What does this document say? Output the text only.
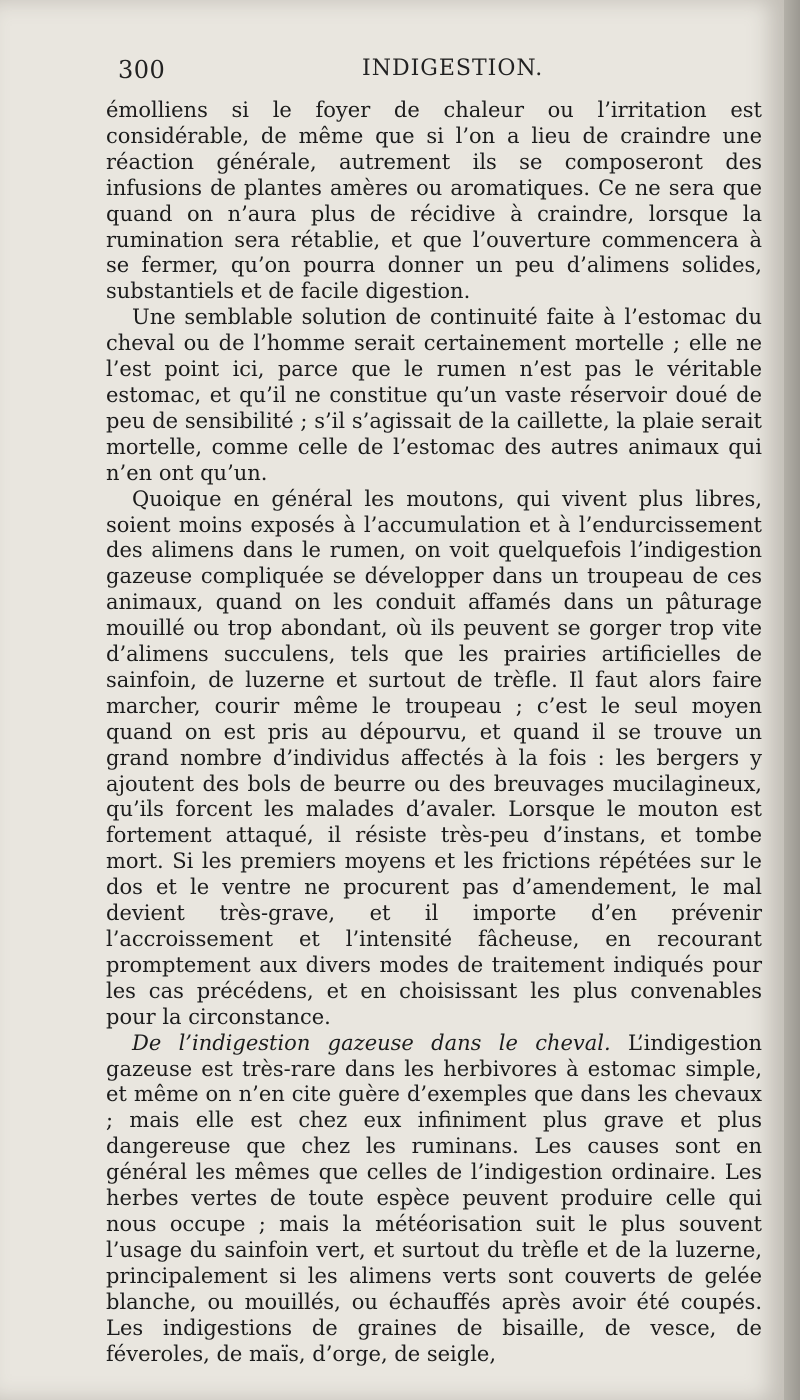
300	INDIGESTION.

émolliens si le foyer de chaleur ou l’irritation est considérable, de même que si l’on a lieu de craindre une réaction générale, autrement ils se composeront des infusions de plantes amères ou aromatiques. Ce ne sera que quand on n’aura plus de récidive à craindre, lorsque la rumination sera rétablie, et que l’ouverture commencera à se fermer, qu’on pourra donner un peu d’alimens solides, substantiels et de facile digestion.

Une semblable solution de continuité faite à l’estomac du cheval ou de l’homme serait certainement mortelle ; elle ne l’est point ici, parce que le rumen n’est pas le véritable estomac, et qu’il ne constitue qu’un vaste réservoir doué de peu de sensibilité ; s’il s’agissait de la caillette, la plaie serait mortelle, comme celle de l’estomac des autres animaux qui n’en ont qu’un.

Quoique en général les moutons, qui vivent plus libres, soient moins exposés à l’accumulation et à l’endurcissement des alimens dans le rumen, on voit quelquefois l’indigestion gazeuse compliquée se développer dans un troupeau de ces animaux, quand on les conduit affamés dans un pâturage mouillé ou trop abondant, où ils peuvent se gorger trop vite d’alimens succulens, tels que les prairies artificielles de sainfoin, de luzerne et surtout de trèfle. Il faut alors faire marcher, courir même le troupeau ; c’est le seul moyen quand on est pris au dépourvu, et quand il se trouve un grand nombre d’individus affectés à la fois : les bergers y ajoutent des bols de beurre ou des breuvages mucilagineux, qu’ils forcent les malades d’avaler. Lorsque le mouton est fortement attaqué, il résiste très-peu d’instans, et tombe mort. Si les premiers moyens et les frictions répétées sur le dos et le ventre ne procurent pas d’amendement, le mal devient très-grave, et il importe d’en prévenir l’accroissement et l’intensité fâcheuse, en recourant promptement aux divers modes de traitement indiqués pour les cas précédens, et en choisissant les plus convenables pour la circonstance.

De l’indigestion gazeuse dans le cheval. L’indigestion gazeuse est très-rare dans les herbivores à estomac simple, et même on n’en cite guère d’exemples que dans les chevaux ; mais elle est chez eux infiniment plus grave et plus dangereuse que chez les ruminans. Les causes sont en général les mêmes que celles de l’indigestion ordinaire. Les herbes vertes de toute espèce peuvent produire celle qui nous occupe ; mais la météorisation suit le plus souvent l’usage du sainfoin vert, et surtout du trèfle et de la luzerne, principalement si les alimens verts sont couverts de gelée blanche, ou mouillés, ou échauffés après avoir été coupés. Les indigestions de graines de bisaille, de vesce, de féveroles, de maïs, d’orge, de seigle,
